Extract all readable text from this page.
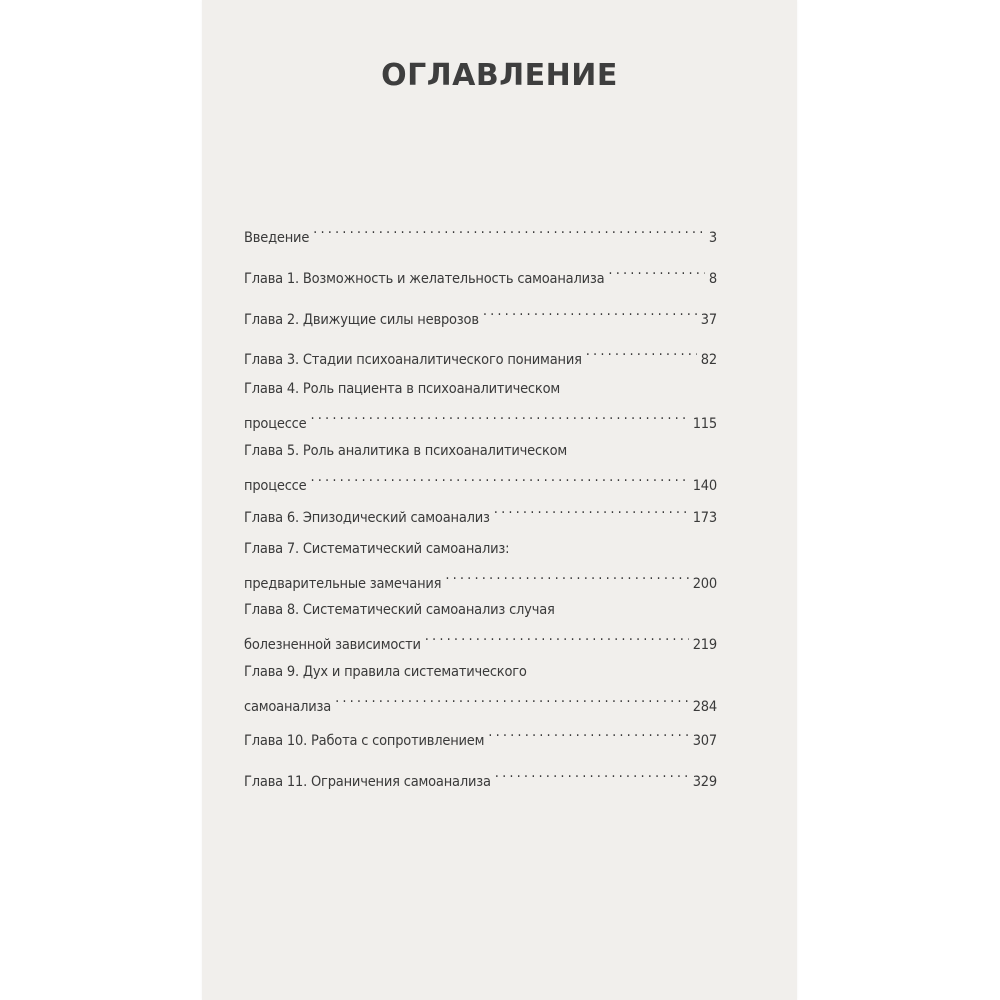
ОГЛАВЛЕНИЕ
Введение . . .	3
Глава 1. Возможность и желательность самоанализа . . .	8
Глава 2. Движущие силы неврозов . . .	37
Глава 3. Стадии психоаналитического понимания . . .	82
Глава 4. Роль пациента в психоаналитическом
процессе . . .	115
Глава 5. Роль аналитика в психоаналитическом
процессе . . .	140
Глава 6. Эпизодический самоанализ . . .	173
Глава 7. Систематический самоанализ:
предварительные замечания . . .	200
Глава 8. Систематический самоанализ случая
болезненной зависимости . . .	219
Глава 9. Дух и правила систематического
самоанализа . . .	284
Глава 10. Работа с сопротивлением . . .	307
Глава 11. Ограничения самоанализа . . .	329
